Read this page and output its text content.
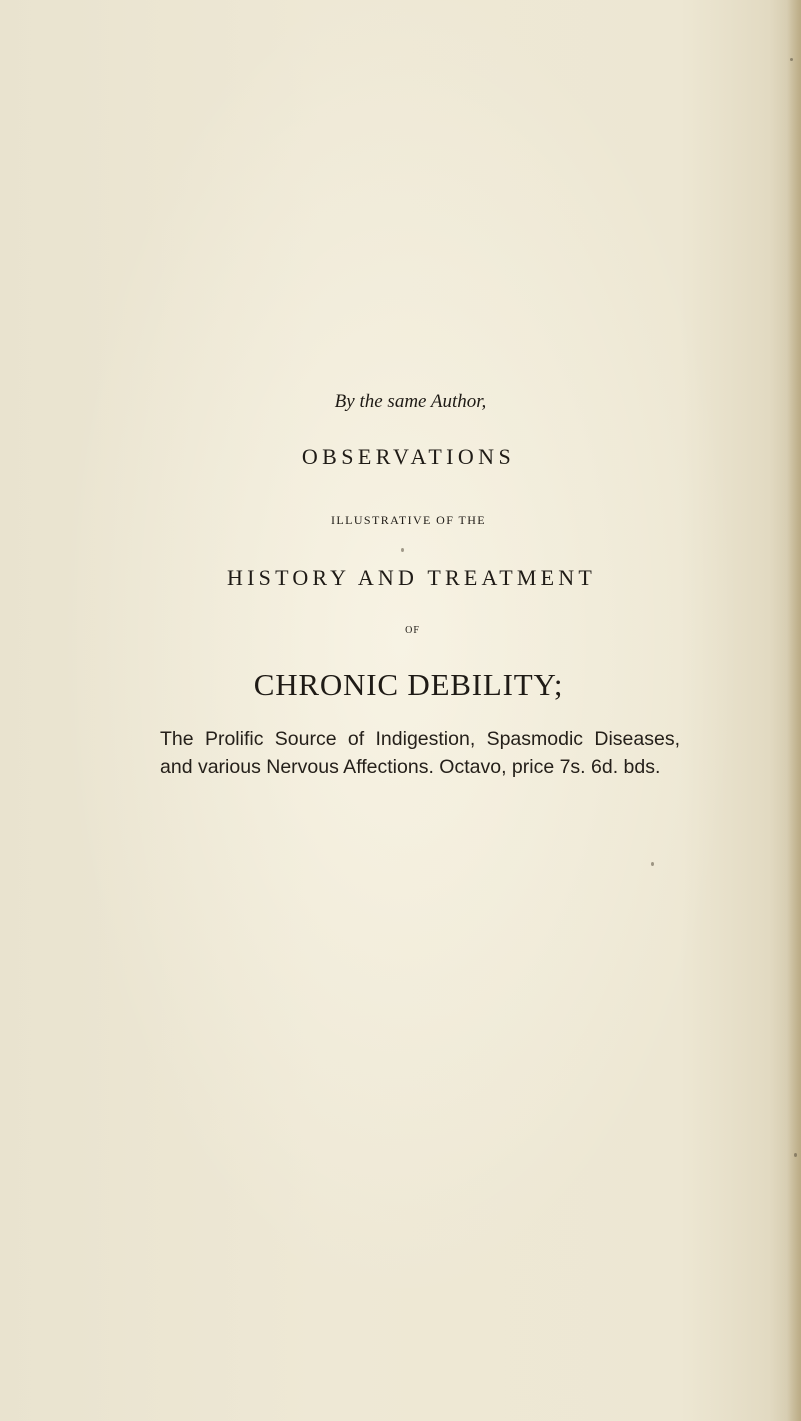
By the same Author,
OBSERVATIONS
ILLUSTRATIVE OF THE
HISTORY AND TREATMENT
OF
CHRONIC DEBILITY;

The Prolific Source of Indigestion, Spasmodic Diseases, and various Nervous Affections. Octavo, price 7s. 6d. bds.
